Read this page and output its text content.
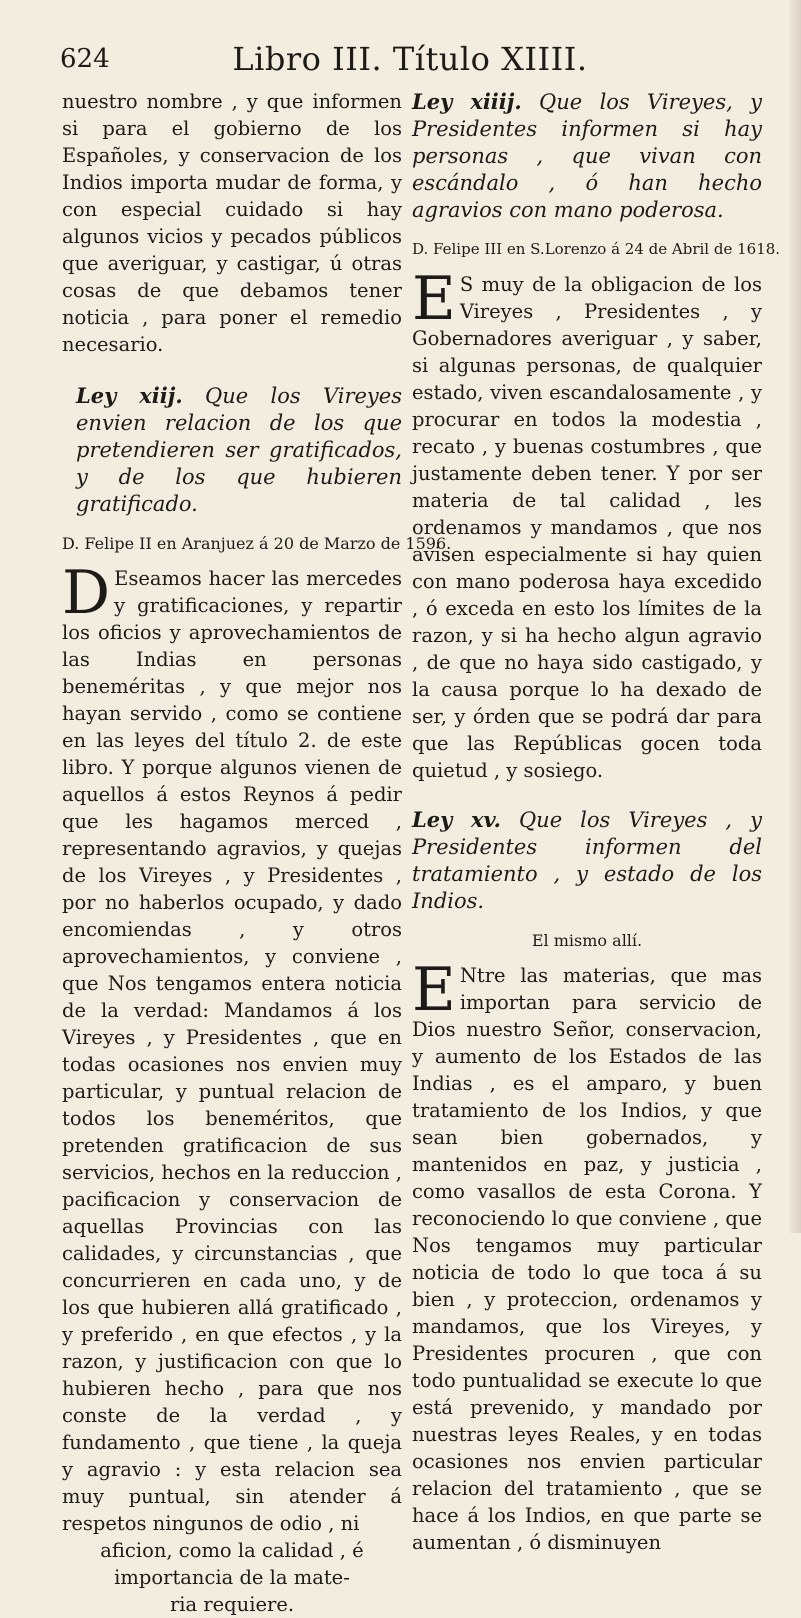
624	Libro III. Título XIIII.

nuestro nombre , y que informen si para el gobierno de los Españoles, y conservacion de los Indios importa mudar de forma, y con especial cuidado si hay algunos vicios y pecados públicos que averiguar, y castigar, ú otras cosas de que debamos tener noticia , para poner el remedio necesario.

Ley xiij. Que los Vireyes envien relacion de los que pretendieren ser gratificados, y de los que hubieren gratificado.
D. Felipe II en Aranjuez á 20 de Marzo de 1596.

D Eseamos hacer las mercedes y gratificaciones, y repartir los oficios y aprovechamientos de las Indias en personas beneméritas , y que mejor nos hayan servido , como se contiene en las leyes del título 2. de este libro. Y porque algunos vienen de aquellos á estos Reynos á pedir que les hagamos merced , representando agravios, y quejas de los Vireyes , y Presidentes , por no haberlos ocupado, y dado encomiendas , y otros aprovechamientos, y conviene , que Nos tengamos entera noticia de la verdad: Mandamos á los Vireyes , y Presidentes , que en todas ocasiones nos envien muy particular, y puntual relacion de todos los beneméritos, que pretenden gratificacion de sus servicios, hechos en la reduccion , pacificacion y conservacion de aquellas Provincias con las calidades, y circunstancias , que concurrieren en cada uno, y de los que hubieren allá gratificado , y preferido , en que efectos , y la razon, y justificacion con que lo hubieren hecho , para que nos conste de la verdad , y fundamento , que tiene , la queja y agravio : y esta relacion sea muy puntual, sin atender á respetos ningunos de odio , ni

aficion, como la calidad , é

importancia de la mate-

ria requiere.

Ley xiiij. Que los Vireyes, y Presidentes informen si hay personas , que vivan con escándalo , ó han hecho agravios con mano poderosa.
D. Felipe III en S.Lorenzo á 24 de Abril de 1618.

E S muy de la obligacion de los Vireyes , Presidentes , y Gobernadores averiguar , y saber, si algunas personas, de qualquier estado, viven escandalosamente , y procurar en todos la modestia , recato , y buenas costumbres , que justamente deben tener. Y por ser materia de tal calidad , les ordenamos y mandamos , que nos avisen especialmente si hay quien con mano poderosa haya excedido , ó exceda en esto los límites de la razon, y si ha hecho algun agravio , de que no haya sido castigado, y la causa porque lo ha dexado de ser, y órden que se podrá dar para que las Repúblicas gocen toda quietud , y sosiego.

Ley xv. Que los Vireyes , y Presidentes informen del tratamiento , y estado de los Indios.
El mismo allí.

E Ntre las materias, que mas importan para servicio de Dios nuestro Señor, conservacion, y aumento de los Estados de las Indias , es el amparo, y buen tratamiento de los Indios, y que sean bien gobernados, y mantenidos en paz, y justicia , como vasallos de esta Corona. Y reconociendo lo que conviene , que Nos tengamos muy particular noticia de todo lo que toca á su bien , y proteccion, ordenamos y mandamos, que los Vireyes, y Presidentes procuren , que con todo puntualidad se execute lo que está prevenido, y mandado por nuestras leyes Reales, y en todas ocasiones nos envien particular relacion del tratamiento , que se hace á los Indios, en que parte se aumentan , ó disminuyen
